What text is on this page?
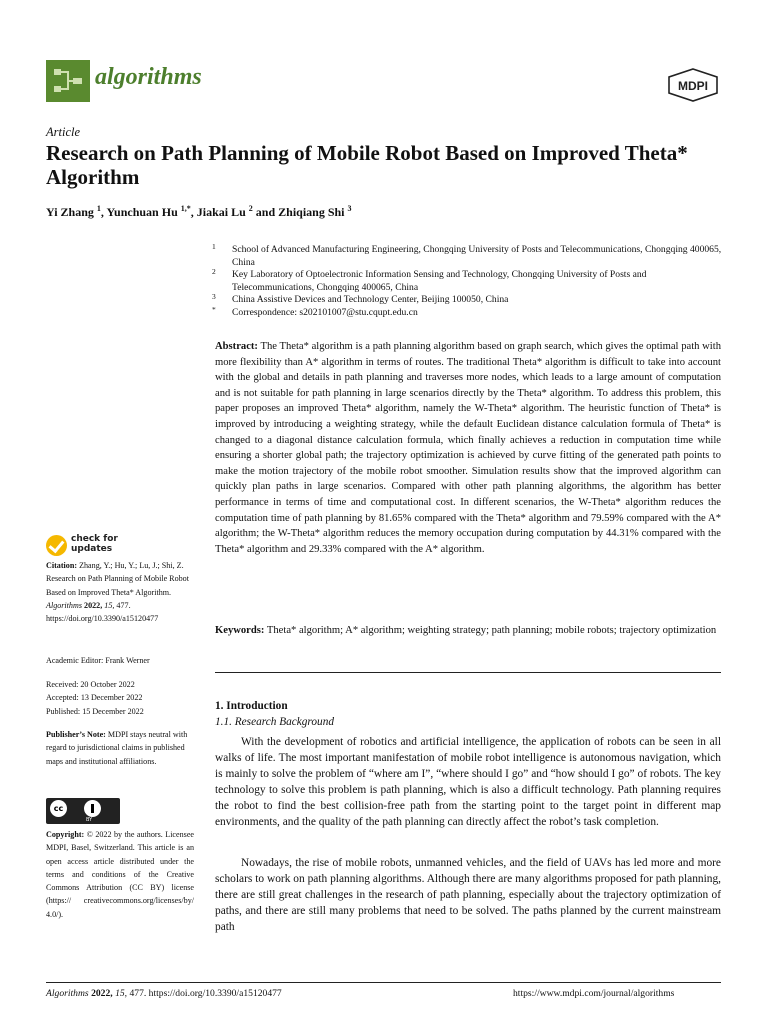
algorithms	MDPI
Article
Research on Path Planning of Mobile Robot Based on Improved Theta* Algorithm
Yi Zhang $^1$, Yunchuan Hu $^{1,*}$, Jiakai Lu $^2$ and Zhiqiang Shi $^3$
1 School of Advanced Manufacturing Engineering, Chongqing University of Posts and Telecommunications, Chongqing 400065, China
2 Key Laboratory of Optoelectronic Information Sensing and Technology, Chongqing University of Posts and Telecommunications, Chongqing 400065, China
3 China Assistive Devices and Technology Center, Beijing 100050, China
* Correspondence: s202101007@stu.cqupt.edu.cn
Abstract: The Theta* algorithm is a path planning algorithm based on graph search, which gives the optimal path with more flexibility than A* algorithm in terms of routes. The traditional Theta* algorithm is difficult to take into account with the global and details in path planning and traverses more nodes, which leads to a large amount of computation and is not suitable for path planning in large scenarios directly by the Theta* algorithm. To address this problem, this paper proposes an improved Theta* algorithm, namely the W-Theta* algorithm. The heuristic function of Theta* is improved by introducing a weighting strategy, while the default Euclidean distance calculation formula of Theta* is changed to a diagonal distance calculation formula, which finally achieves a reduction in computation time while ensuring a shorter global path; the trajectory optimization is achieved by curve fitting of the generated path points to make the motion trajectory of the mobile robot smoother. Simulation results show that the improved algorithm can quickly plan paths in large scenarios. Compared with other path planning algorithms, the algorithm has better performance in terms of time and computational cost. In different scenarios, the W-Theta* algorithm reduces the computation time of path planning by 81.65% compared with the Theta* algorithm and 79.59% compared with the A* algorithm; the W-Theta* algorithm reduces the memory occupation during computation by 44.31% compared with the Theta* algorithm and 29.33% compared with the A* algorithm.
Keywords: Theta* algorithm; A* algorithm; weighting strategy; path planning; mobile robots; trajectory optimization
check for
updates
Citation: Zhang, Y.; Hu, Y.; Lu, J.; Shi, Z. Research on Path Planning of Mobile Robot Based on Improved Theta* Algorithm. Algorithms 2022, 15, 477. https://doi.org/10.3390/a15120477
Academic Editor: Frank Werner
Received: 20 October 2022
Accepted: 13 December 2022
Published: 15 December 2022
Publisher’s Note: MDPI stays neutral with regard to jurisdictional claims in published maps and institutional affiliations.
cc
BY
Copyright: © 2022 by the authors. Licensee MDPI, Basel, Switzerland. This article is an open access article distributed under the terms and conditions of the Creative Commons Attribution (CC BY) license (https:// creativecommons.org/licenses/by/ 4.0/).
1. Introduction
1.1. Research Background
With the development of robotics and artificial intelligence, the application of robots can be seen in all walks of life. The most important manifestation of mobile robot intelligence is autonomous navigation, which is mainly to solve the problem of “where am I”, “where should I go” and “how should I go” of robots. The key technology to solve this problem is path planning, which is also a difficult technology. Path planning requires the robot to find the best collision-free path from the starting point to the target point in different map environments, and the quality of the path planning can directly affect the robot’s task completion.
Nowadays, the rise of mobile robots, unmanned vehicles, and the field of UAVs has led more and more scholars to work on path planning algorithms. Although there are many algorithms proposed for path planning, there are still great challenges in the research of path planning, especially about the trajectory optimization of paths, and there are still many problems that need to be solved. The paths planned by the current mainstream path
Algorithms 2022, 15, 477. https://doi.org/10.3390/a15120477	https://www.mdpi.com/journal/algorithms
